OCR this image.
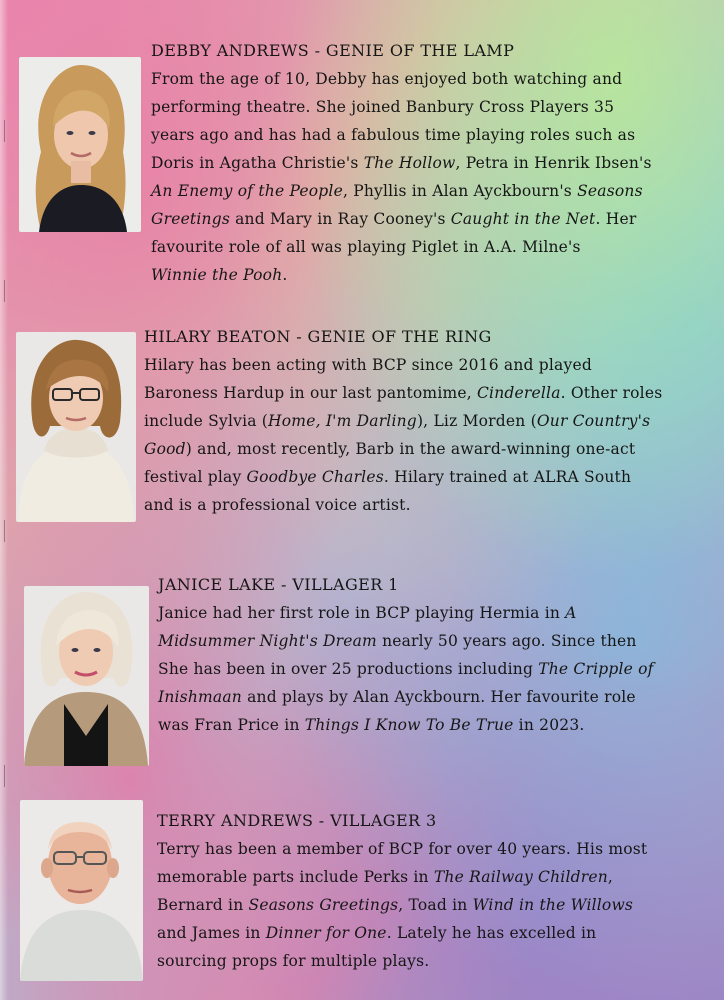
DEBBY ANDREWS - GENIE OF THE LAMP
From the age of 10, Debby has enjoyed both watching and
performing theatre. She joined Banbury Cross Players 35
years ago and has had a fabulous time playing roles such as
Doris in Agatha Christie's The Hollow, Petra in Henrik Ibsen's
An Enemy of the People, Phyllis in Alan Ayckbourn's Seasons
Greetings and Mary in Ray Cooney's Caught in the Net. Her
favourite role of all was playing Piglet in A.A. Milne's
Winnie the Pooh.
HILARY BEATON - GENIE OF THE RING
Hilary has been acting with BCP since 2016 and played
Baroness Hardup in our last pantomime, Cinderella. Other roles
include Sylvia (Home, I'm Darling), Liz Morden (Our Country's
Good) and, most recently, Barb in the award-winning one-act
festival play Goodbye Charles. Hilary trained at ALRA South
and is a professional voice artist.
JANICE LAKE - VILLAGER 1
Janice had her first role in BCP playing Hermia in A
Midsummer Night's Dream nearly 50 years ago. Since then
She has been in over 25 productions including The Cripple of
Inishmaan and plays by Alan Ayckbourn. Her favourite role
was Fran Price in Things I Know To Be True in 2023.
TERRY ANDREWS - VILLAGER 3
Terry has been a member of BCP for over 40 years. His most
memorable parts include Perks in The Railway Children,
Bernard in Seasons Greetings, Toad in Wind in the Willows
and James in Dinner for One. Lately he has excelled in
sourcing props for multiple plays.
